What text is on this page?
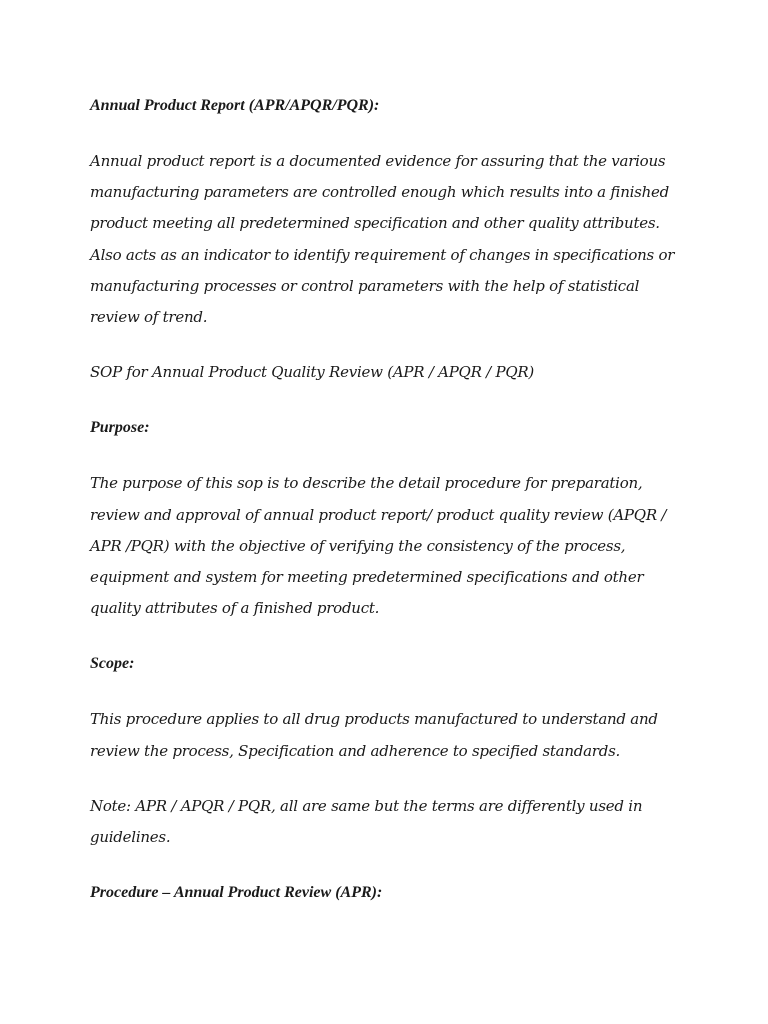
Annual Product Report (APR/APQR/PQR):

Annual product report is a documented evidence for assuring that the various manufacturing parameters are controlled enough which results into a finished product meeting all predetermined specification and other quality attributes. Also acts as an indicator to identify requirement of changes in specifications or manufacturing processes or control parameters with the help of statistical review of trend.

SOP for Annual Product Quality Review (APR / APQR / PQR)

Purpose:

The purpose of this sop is to describe the detail procedure for preparation, review and approval of annual product report/ product quality review (APQR / APR /PQR) with the objective of verifying the consistency of the process, equipment and system for meeting predetermined specifications and other quality attributes of a finished product.

Scope:

This procedure applies to all drug products manufactured to understand and review the process, Specification and adherence to specified standards.

Note: APR / APQR / PQR, all are same but the terms are differently used in guidelines.

Procedure – Annual Product Review (APR):
